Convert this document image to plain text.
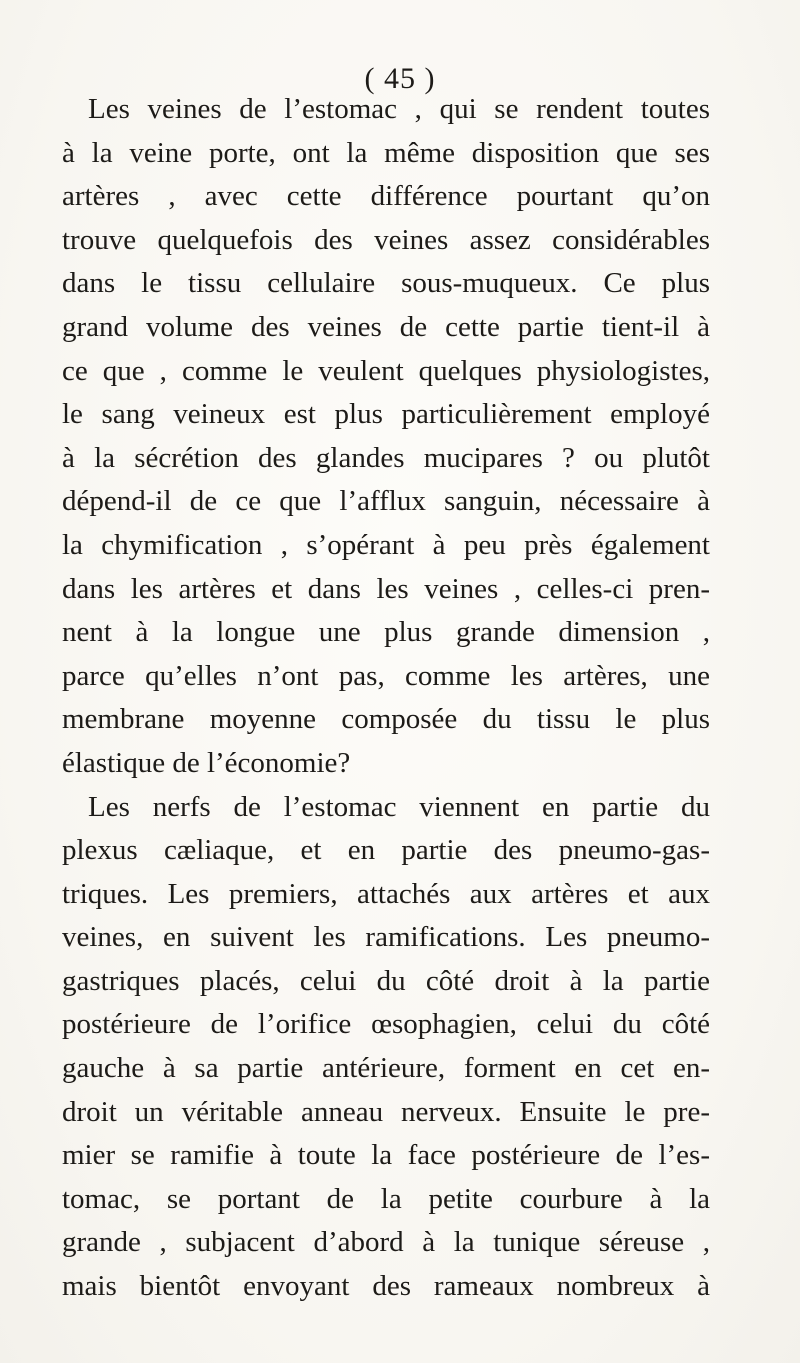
( 45 )
Les veines de l’estomac , qui se rendent toutes
à la veine porte, ont la même disposition que ses
artères , avec cette différence pourtant qu’on
trouve quelquefois des veines assez considérables
dans le tissu cellulaire sous-muqueux. Ce plus
grand volume des veines de cette partie tient-il à
ce que , comme le veulent quelques physiologistes,
le sang veineux est plus particulièrement employé
à la sécrétion des glandes mucipares ? ou plutôt
dépend-il de ce que l’afflux sanguin, nécessaire à
la chymification , s’opérant à peu près également
dans les artères et dans les veines , celles-ci pren-
nent à la longue une plus grande dimension ,
parce qu’elles n’ont pas, comme les artères, une
membrane moyenne composée du tissu le plus
élastique de l’économie?
Les nerfs de l’estomac viennent en partie du
plexus cæliaque, et en partie des pneumo-gas-
triques. Les premiers, attachés aux artères et aux
veines, en suivent les ramifications. Les pneumo-
gastriques placés, celui du côté droit à la partie
postérieure de l’orifice œsophagien, celui du côté
gauche à sa partie antérieure, forment en cet en-
droit un véritable anneau nerveux. Ensuite le pre-
mier se ramifie à toute la face postérieure de l’es-
tomac, se portant de la petite courbure à la
grande , subjacent d’abord à la tunique séreuse ,
mais bientôt envoyant des rameaux nombreux à
